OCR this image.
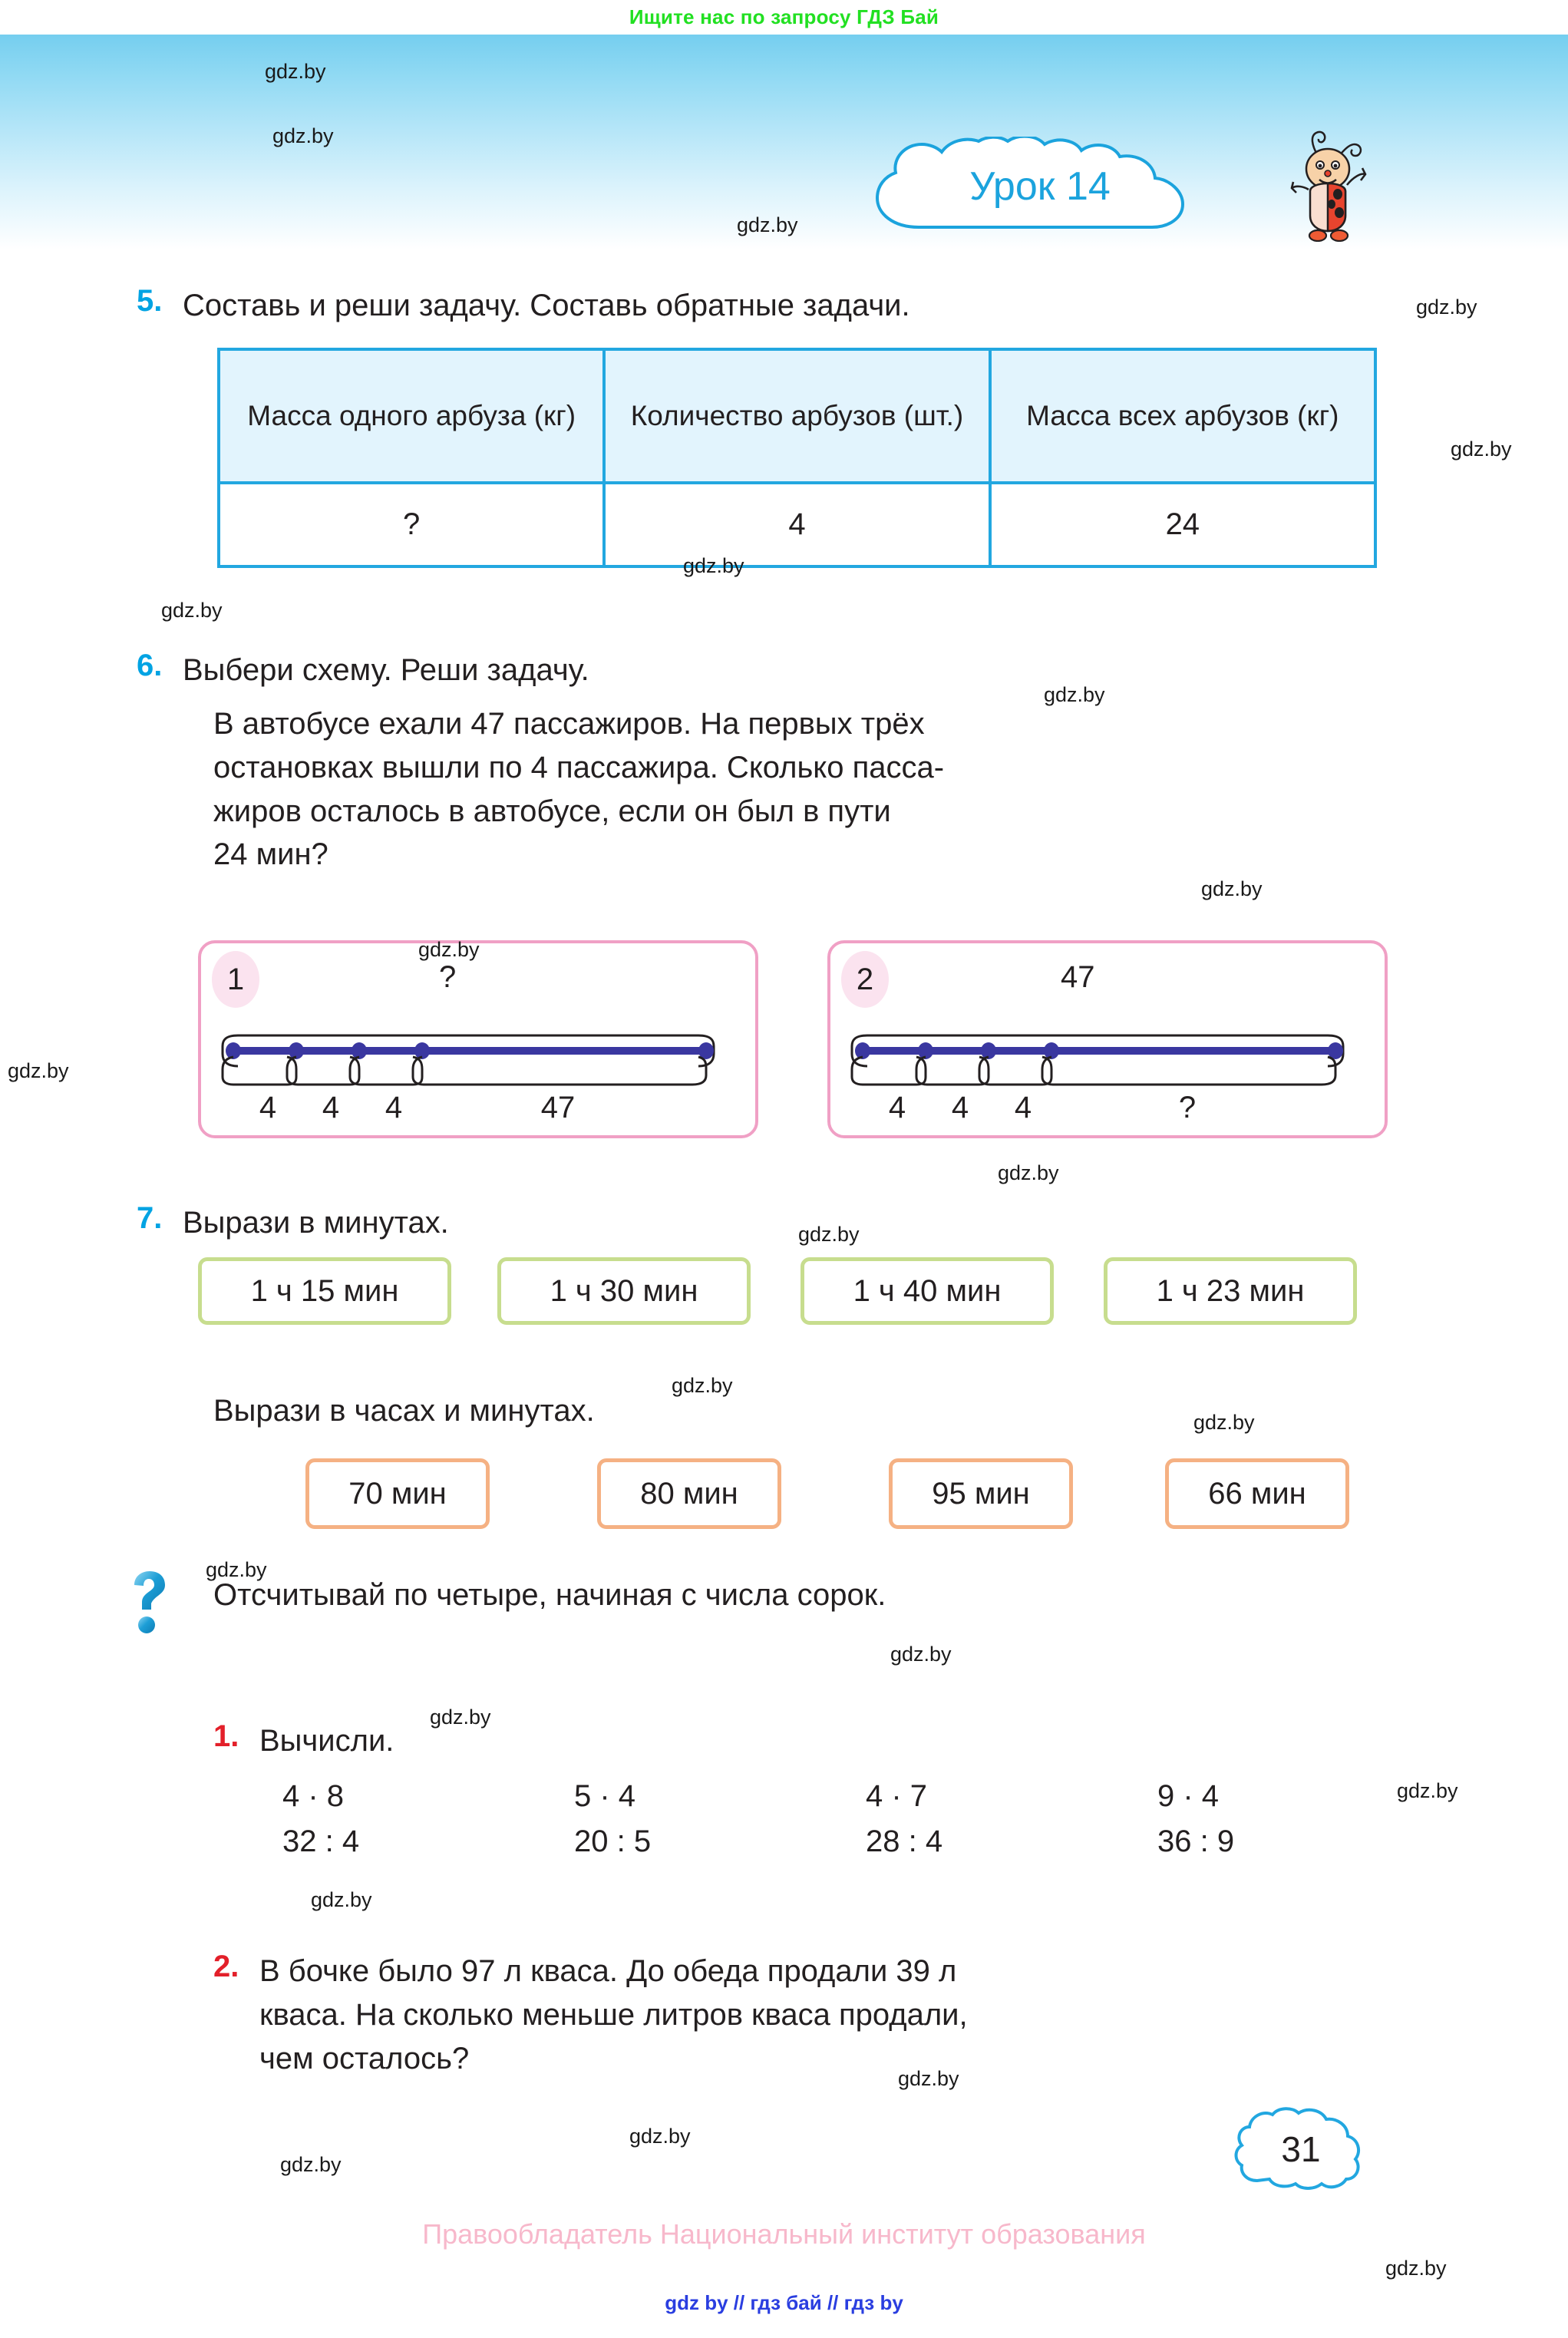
Ищите нас по запросу ГДЗ Бай
Урок 14
5. Составь и реши задачу. Составь обратные задачи.
Масса одного арбуза (кг)	Количество арбузов (шт.)	Масса всех арбузов (кг)
?	4	24
6. Выбери схему. Реши задачу.
В автобусе ехали 47 пассажиров. На первых трёх
остановках вышли по 4 пассажира. Сколько пасса-
жиров осталось в автобусе, если он был в пути
24 мин?
1	?
4	4	4	47
2	47
4	4	4	?
7. Вырази в минутах.
1 ч 15 мин	1 ч 30 мин	1 ч 40 мин	1 ч 23 мин
Вырази в часах и минутах.
70 мин	80 мин	95 мин	66 мин
Отсчитывай по четыре, начиная с числа сорок.
1. Вычисли.
4 · 8	5 · 4	4 · 7	9 · 4
32 : 4	20 : 5	28 : 4	36 : 9
2. В бочке было 97 л кваса. До обеда продали 39 л
кваса. На сколько меньше литров кваса продали,
чем осталось?
31
Правообладатель Национальный институт образования
gdz by // гдз бай // гдз by
gdz.by
gdz.by
gdz.by
gdz.by
gdz.by
gdz.by
gdz.by
gdz.by
gdz.by
gdz.by
gdz.by
gdz.by
gdz.by
gdz.by
gdz.by
gdz.by
gdz.by
gdz.by
gdz.by
gdz.by
gdz.by
gdz.by
gdz.by
gdz.by
